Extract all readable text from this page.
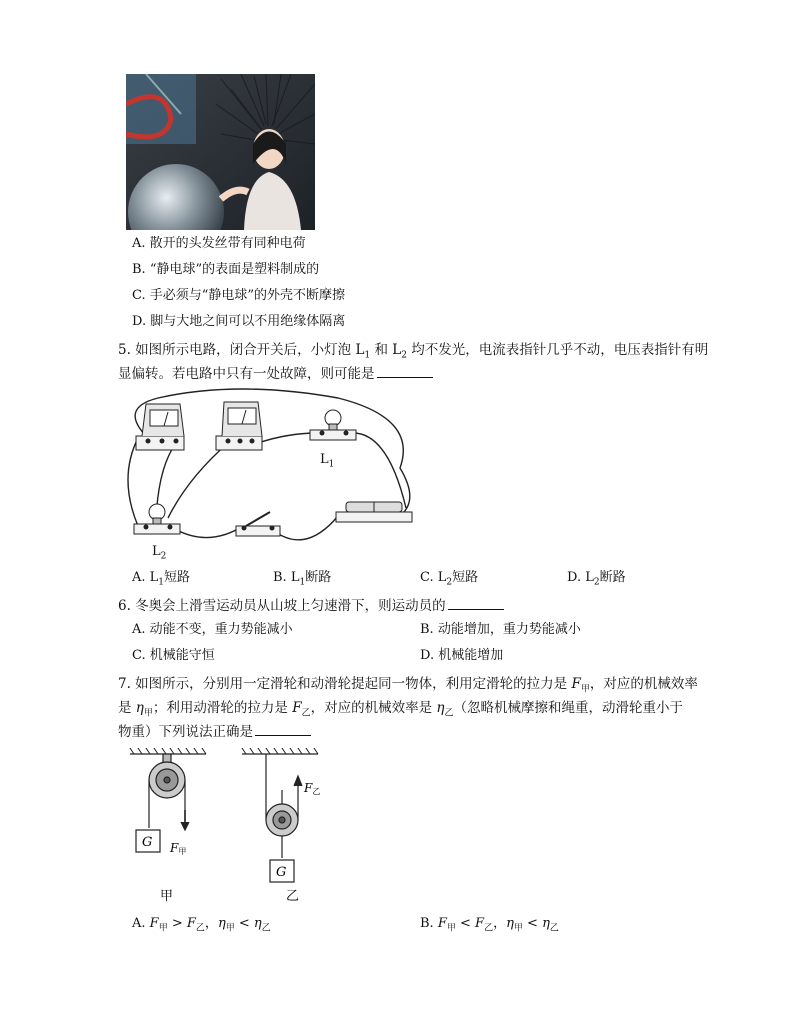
A. 散开的头发丝带有同种电荷
B. “静电球”的表面是塑料制成的
C. 手必须与“静电球”的外壳不断摩擦
D. 脚与大地之间可以不用绝缘体隔离
5. 如图所示电路，闭合开关后，小灯泡 $L_1$ 和 $L_2$ 均不发光，电流表指针几乎不动，电压表指针有明
显偏转。若电路中只有一处故障，则可能是
$L_1$
$L_2$
A. $L_1$短路	B. $L_1$断路	C. $L_2$短路	D. $L_2$断路
6. 冬奥会上滑雪运动员从山坡上匀速滑下，则运动员的
A. 动能不变，重力势能减小	B. 动能增加，重力势能减小
C. 机械能守恒	D. 机械能增加
7. 如图所示，分别用一定滑轮和动滑轮提起同一物体，利用定滑轮的拉力是 $F_甲$，对应的机械效率
是 $\eta_甲$；利用动滑轮的拉力是 $F_乙$，对应的机械效率是 $\eta_乙$（忽略机械摩擦和绳重，动滑轮重小于
物重）下列说法正确是
G
G
F甲
F乙
甲	乙
A. $F_甲 > F_乙$，$\eta_甲 < \eta_乙$	B. $F_甲 < F_乙$，$\eta_甲 < \eta_乙$
